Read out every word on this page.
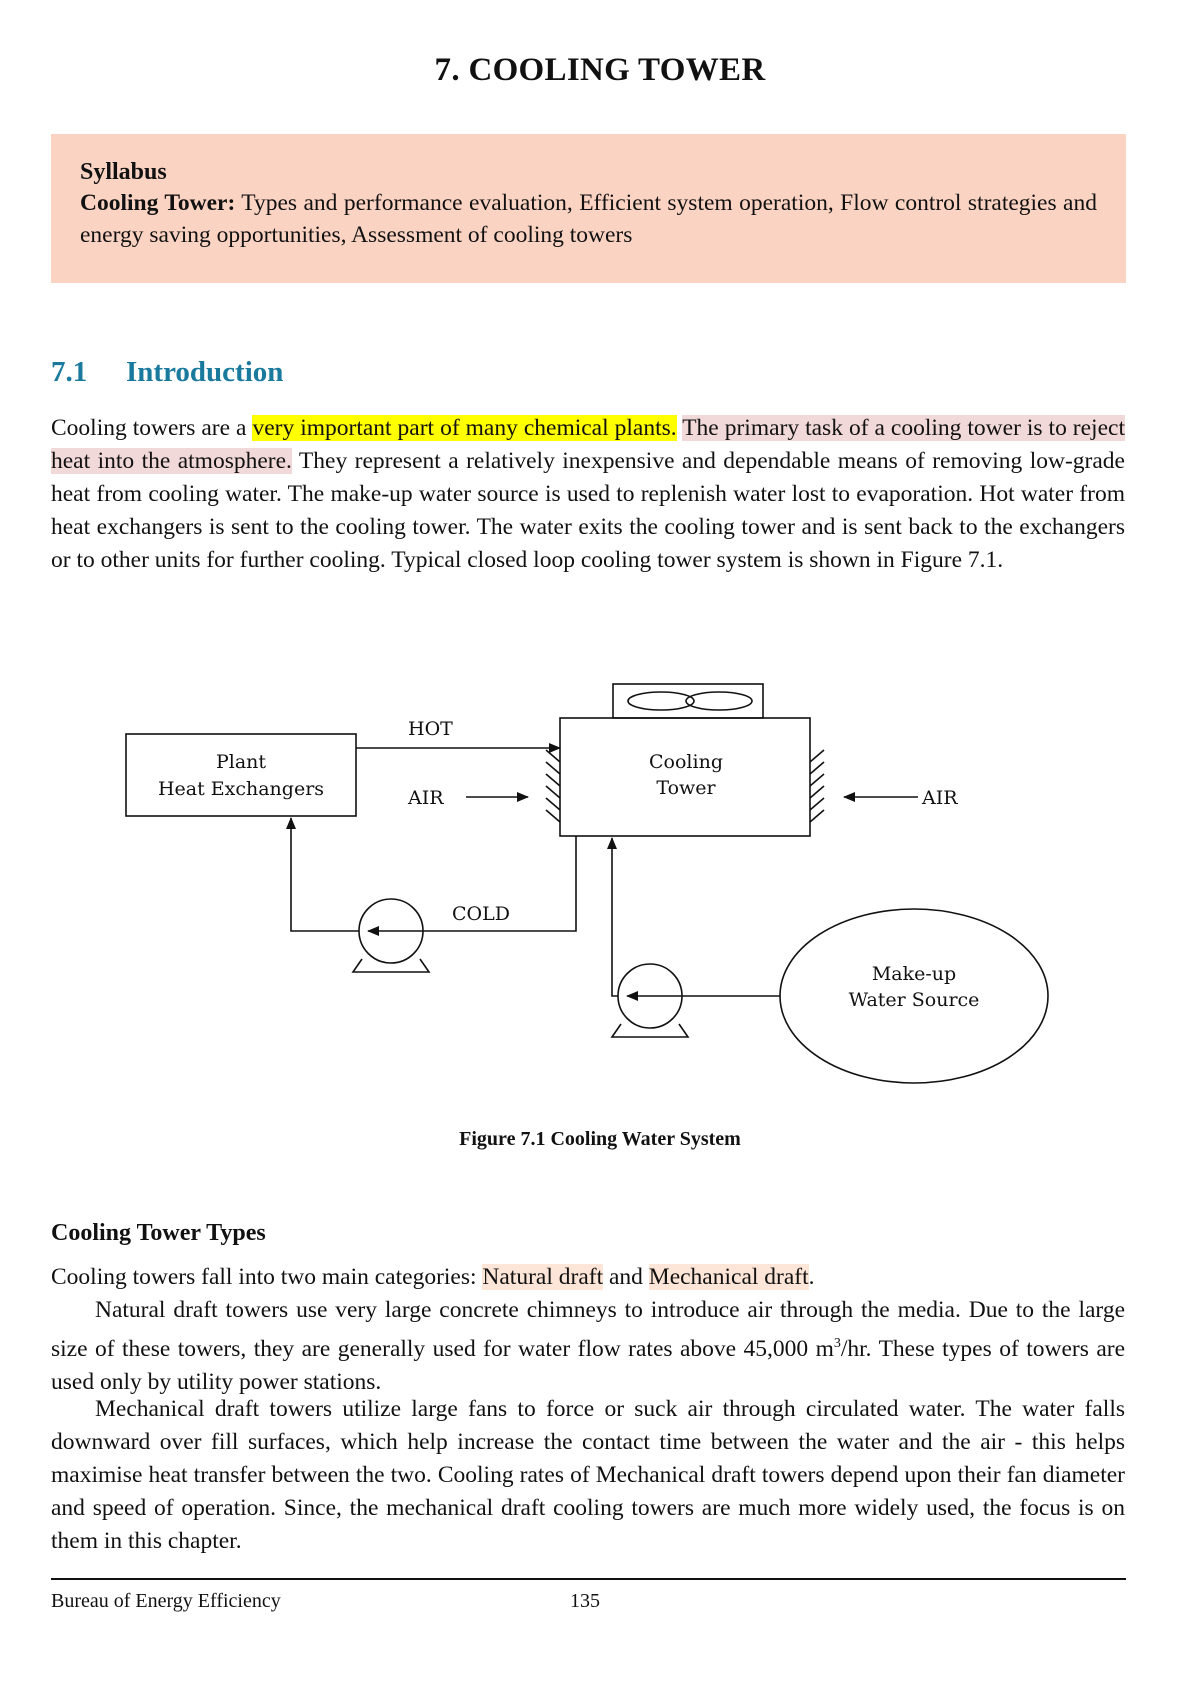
7. COOLING TOWER
Syllabus
Cooling Tower: Types and performance evaluation, Efficient system operation, Flow control strategies and energy saving opportunities, Assessment of cooling towers
7.1 Introduction
Cooling towers are a very important part of many chemical plants. The primary task of a cooling tower is to reject heat into the atmosphere. They represent a relatively inexpensive and dependable means of removing low-grade heat from cooling water. The make-up water source is used to replenish water lost to evaporation. Hot water from heat exchangers is sent to the cooling tower. The water exits the cooling tower and is sent back to the exchangers or to other units for further cooling. Typical closed loop cooling tower system is shown in Figure 7.1.
Plant
Heat Exchangers
Cooling
Tower
HOT
AIR	AIR
COLD
Make-up
Water Source
Figure 7.1 Cooling Water System
Cooling Tower Types
Cooling towers fall into two main categories: Natural draft and Mechanical draft.
Natural draft towers use very large concrete chimneys to introduce air through the media. Due to the large size of these towers, they are generally used for water flow rates above 45,000 $m^3/hr$. These types of towers are used only by utility power stations.
Mechanical draft towers utilize large fans to force or suck air through circulated water. The water falls downward over fill surfaces, which help increase the contact time between the water and the air - this helps maximise heat transfer between the two. Cooling rates of Mechanical draft towers depend upon their fan diameter and speed of operation. Since, the mechanical draft cooling towers are much more widely used, the focus is on them in this chapter.
Bureau of Energy Efficiency	135
